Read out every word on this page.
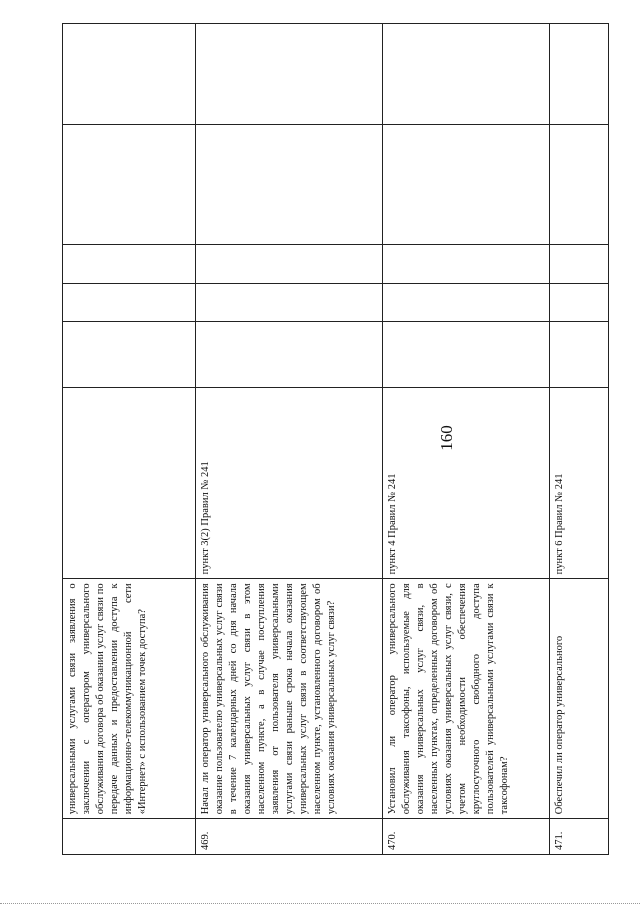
160
	универсальными услугами связи заявления о заключении с оператором универсального обслуживания договора об оказании услуг связи по передаче данных и предоставлении доступа к информационно-телекоммуникационной сети «Интернет» с использованием точек доступа?						
469.	Начал ли оператор универсального обслуживания оказание пользователю универсальных услуг связи в течение 7 календарных дней со дня начала оказания универсальных услуг связи в этом населенном пункте, а в случае поступления заявления от пользователя универсальными услугами связи раньше срока начала оказания универсальных услуг связи в соответствующем населенном пункте, установленного договором об условиях оказания универсальных услуг связи?	пункт 3(2) Правил № 241					
470.	Установил ли оператор универсального обслуживания таксофоны, используемые для оказания универсальных услуг связи, в населенных пунктах, определенных договором об условиях оказания универсальных услуг связи, с учетом необходимости обеспечения круглосуточного свободного доступа пользователей универсальными услугами связи к таксофонам?	пункт 4 Правил № 241					
471.	Обеспечил ли оператор универсального	пункт 6 Правил № 241					
